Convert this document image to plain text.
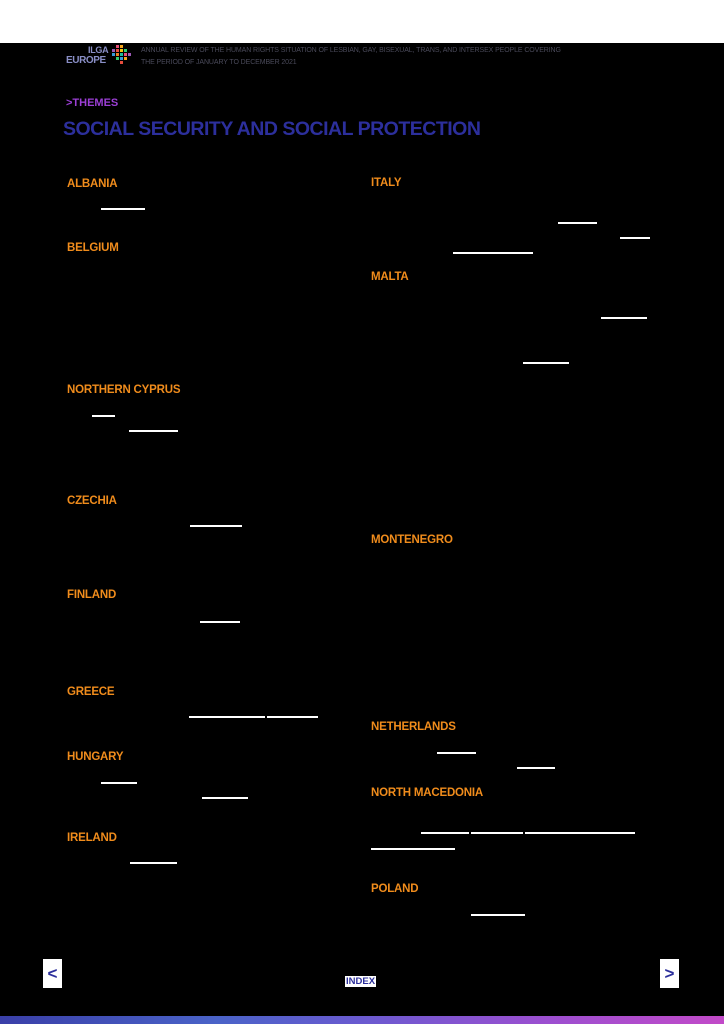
ILGA
EUROPE
ANNUAL REVIEW OF THE HUMAN RIGHTS SITUATION OF LESBIAN, GAY, BISEXUAL, TRANS, AND INTERSEX PEOPLE COVERING
THE PERIOD OF JANUARY TO DECEMBER 2021
>THEMES
SOCIAL SECURITY AND SOCIAL PROTECTION
ALBANIA
BELGIUM
NORTHERN CYPRUS
CZECHIA
FINLAND
GREECE
HUNGARY
IRELAND
ITALY
MALTA
MONTENEGRO
NETHERLANDS
NORTH MACEDONIA
POLAND
<	INDEX	>
